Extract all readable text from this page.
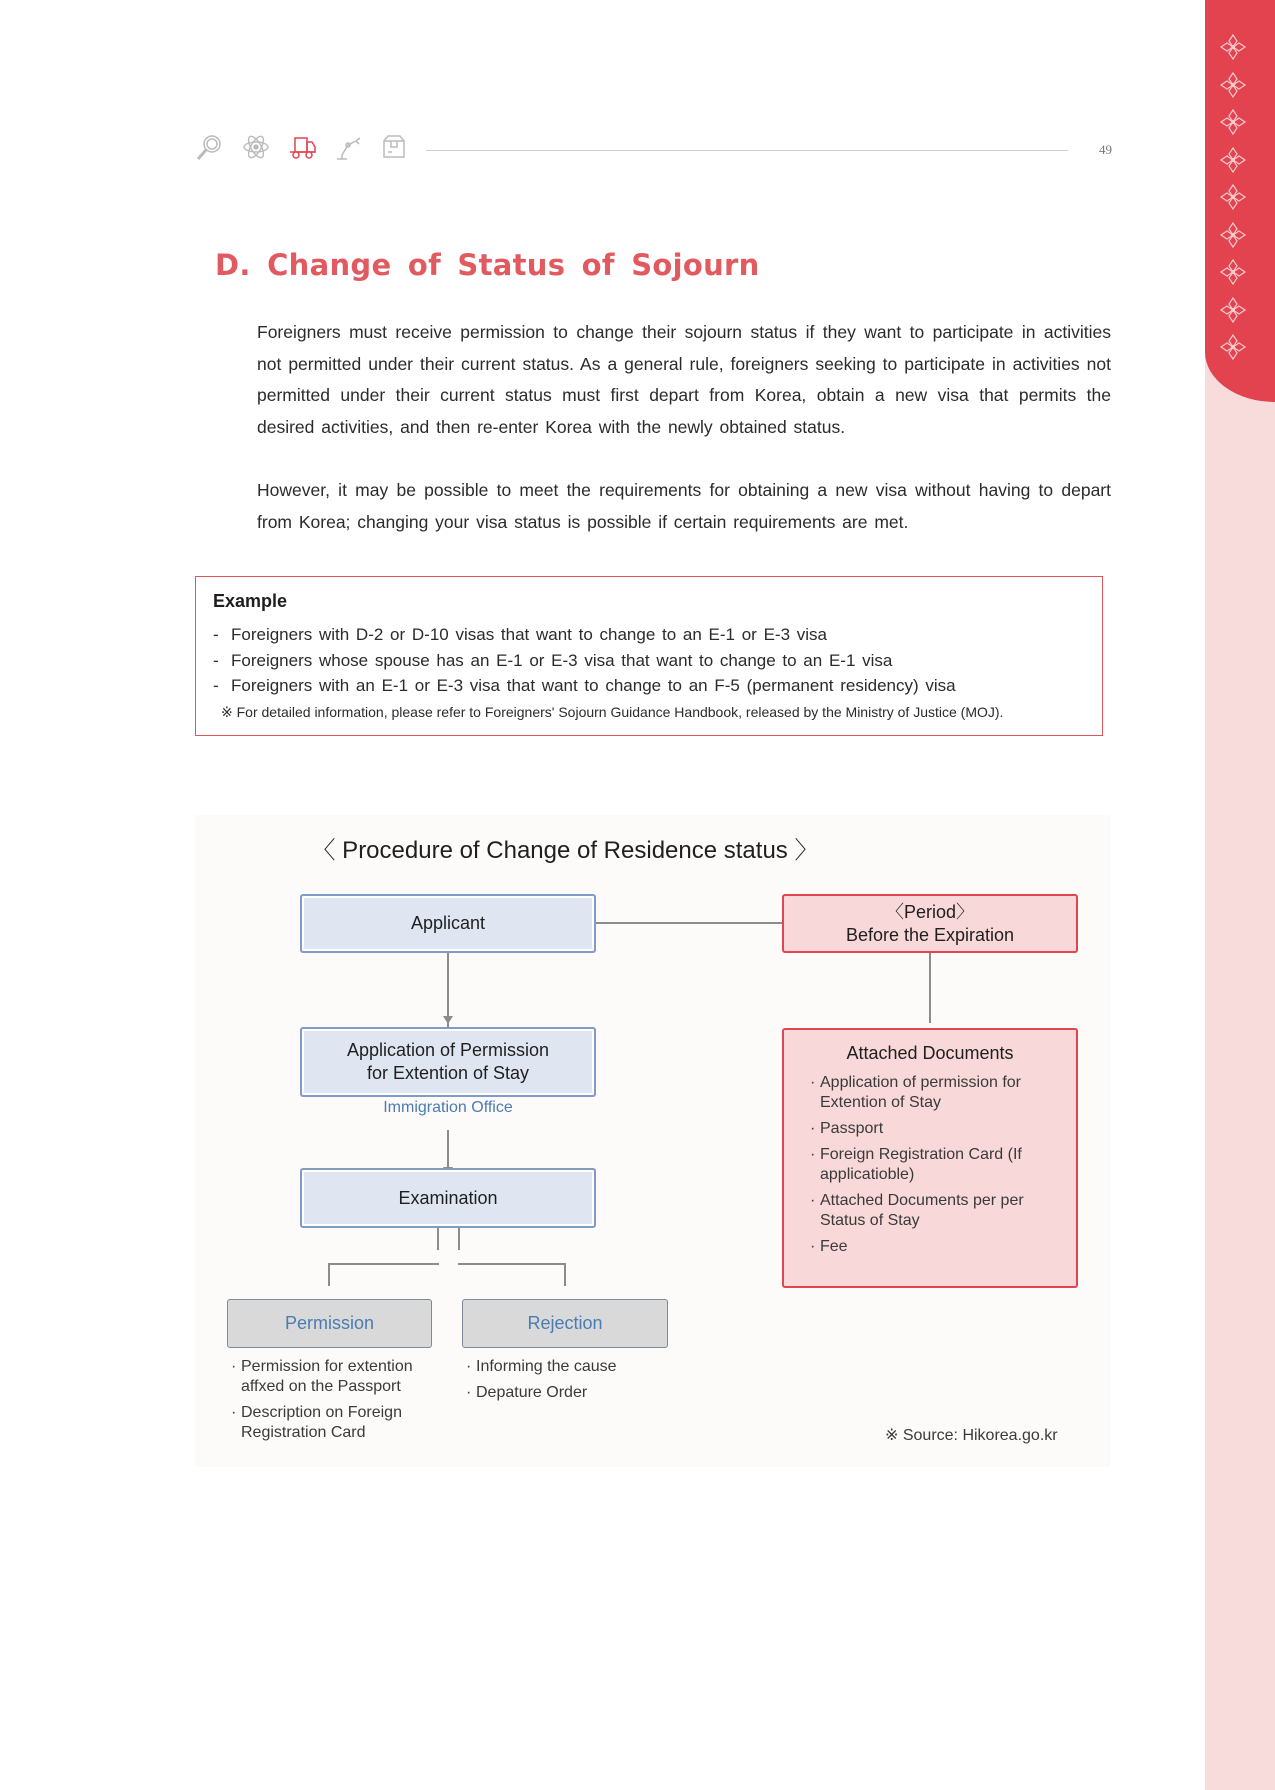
49
D. Change of Status of Sojourn

Foreigners must receive permission to change their sojourn status if they want to participate in activities not permitted under their current status. As a general rule, foreigners seeking to participate in activities not permitted under their current status must first depart from Korea, obtain a new visa that permits the desired activities, and then re-enter Korea with the newly obtained status.

However, it may be possible to meet the requirements for obtaining a new visa without having to depart from Korea; changing your visa status is possible if certain requirements are met.

Example

- Foreigners with D-2 or D-10 visas that want to change to an E-1 or E-3 visa

- Foreigners whose spouse has an E-1 or E-3 visa that want to change to an E-1 visa

- Foreigners with an E-1 or E-3 visa that want to change to an F-5 (permanent residency) visa

※ For detailed information, please refer to Foreigners' Sojourn Guidance Handbook, released by the Ministry of Justice (MOJ).

〈 Procedure of Change of Residence status 〉

Applicant
〈Period〉
Before the Expiration
Application of Permission
for Extention of Stay
Immigration Office
Examination
Permission	Rejection
Attached Documents
· Application of permission for Extention of Stay
· Passport
· Foreign Registration Card (If applicatioble)
· Attached Documents per per Status of Stay
· Fee
· Permission for extention affxed on the Passport
· Description on Foreign Registration Card
· Informing the cause
· Depature Order
※ Source: Hikorea.go.kr
